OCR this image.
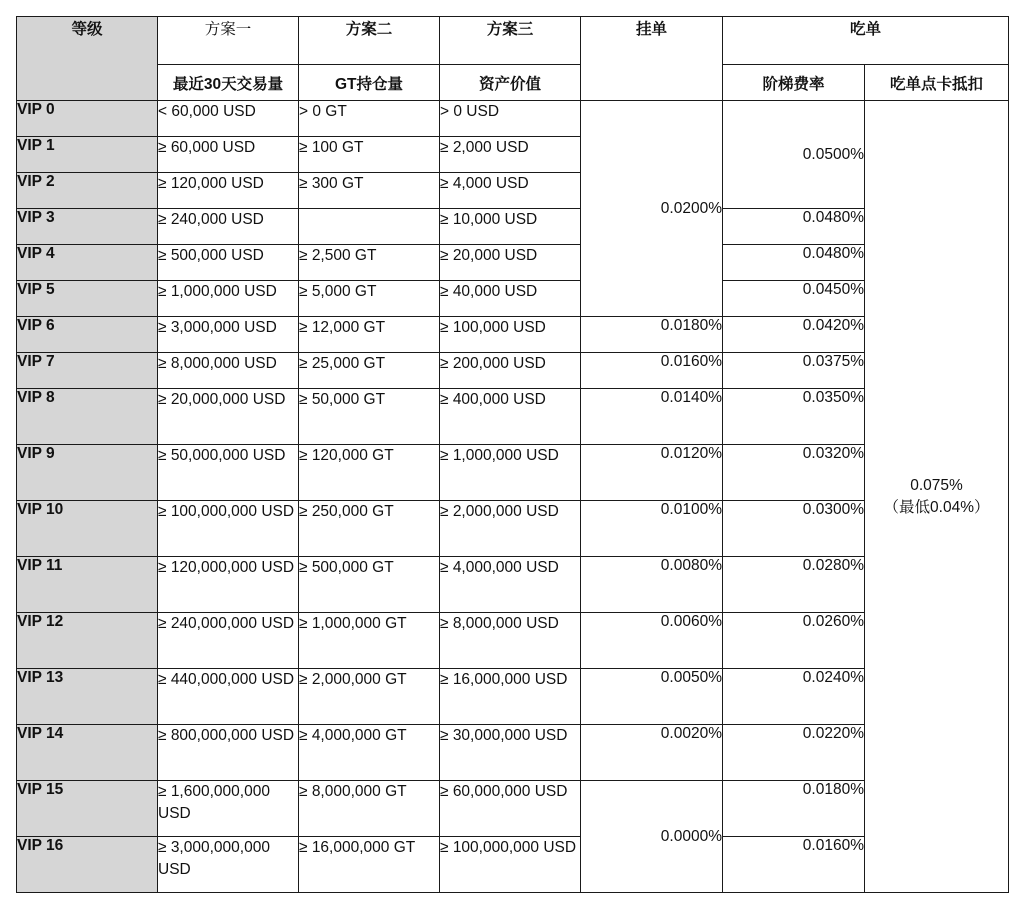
等级	方案一	方案二	方案三	挂单	吃单	
	最近30天交易量	GT持仓量	资产价值		阶梯费率	吃单点卡抵扣
VIP 0	< 60,000 USD	> 0 GT	> 0 USD	0.0200%	0.0500%	0.075%
（最低0.04%）

VIP 1	≥ 60,000 USD	≥ 100 GT	≥ 2,000 USD			
VIP 2	≥ 120,000 USD	≥ 300 GT	≥ 4,000 USD			
VIP 3	≥ 240,000 USD		≥ 10,000 USD		0.0480%	
VIP 4	≥ 500,000 USD	≥ 2,500 GT	≥ 20,000 USD		0.0480%	
VIP 5	≥ 1,000,000 USD	≥ 5,000 GT	≥ 40,000 USD		0.0450%	
VIP 6	≥ 3,000,000 USD	≥ 12,000 GT	≥ 100,000 USD	0.0180%	0.0420%	
VIP 7	≥ 8,000,000 USD	≥ 25,000 GT	≥ 200,000 USD	0.0160%	0.0375%	
VIP 8	≥ 20,000,000 USD	≥ 50,000 GT	≥ 400,000 USD	0.0140%	0.0350%	
VIP 9	≥ 50,000,000 USD	≥ 120,000 GT	≥ 1,000,000 USD	0.0120%	0.0320%	
VIP 10	≥ 100,000,000 USD	≥ 250,000 GT	≥ 2,000,000 USD	0.0100%	0.0300%	
VIP 11	≥ 120,000,000 USD	≥ 500,000 GT	≥ 4,000,000 USD	0.0080%	0.0280%	
VIP 12	≥ 240,000,000 USD	≥ 1,000,000 GT	≥ 8,000,000 USD	0.0060%	0.0260%	
VIP 13	≥ 440,000,000 USD	≥ 2,000,000 GT	≥ 16,000,000 USD	0.0050%	0.0240%	
VIP 14	≥ 800,000,000 USD	≥ 4,000,000 GT	≥ 30,000,000 USD	0.0020%	0.0220%	
VIP 15	≥ 1,600,000,000 USD	≥ 8,000,000 GT	≥ 60,000,000 USD	0.0000%	0.0180%	
VIP 16	≥ 3,000,000,000 USD	≥ 16,000,000 GT	≥ 100,000,000 USD		0.0160%	
